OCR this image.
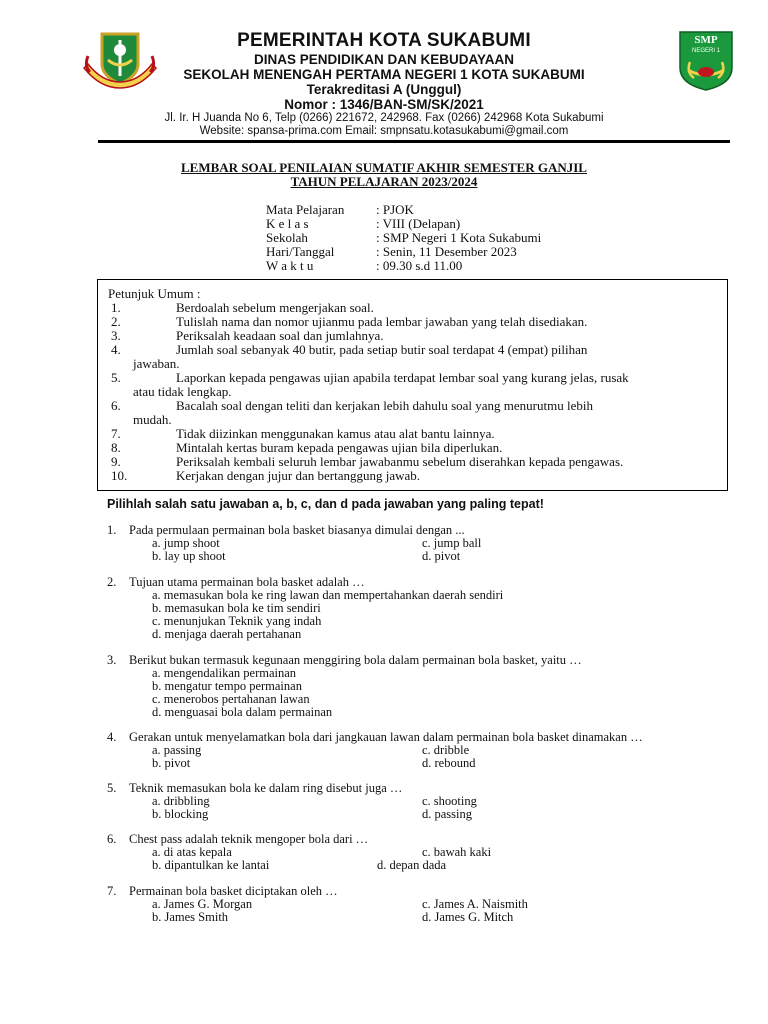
SMP
NEGERI 1
PEMERINTAH KOTA SUKABUMI
DINAS PENDIDIKAN DAN KEBUDAYAAN
SEKOLAH MENENGAH PERTAMA NEGERI 1 KOTA SUKABUMI
Terakreditasi A (Unggul)
Nomor : 1346/BAN-SM/SK/2021
Jl. Ir. H Juanda No 6, Telp (0266) 221672, 242968. Fax (0266) 242968 Kota Sukabumi
Website: spansa-prima.com Email: smpnsatu.kotasukabumi@gmail.com
LEMBAR SOAL PENILAIAN SUMATIF AKHIR SEMESTER GANJIL
TAHUN PELAJARAN 2023/2024
Mata Pelajaran	: PJOK
K e l a s	: VIII (Delapan)
Sekolah	: SMP Negeri 1 Kota Sukabumi
Hari/Tanggal	: Senin, 11 Desember 2023
W a k t u	: 09.30 s.d 11.00
Petunjuk Umum :
1.	Berdoalah sebelum mengerjakan soal.
2.	Tulislah nama dan nomor ujianmu pada lembar jawaban yang telah disediakan.
3.	Periksalah keadaan soal dan jumlahnya.
4.	Jumlah soal sebanyak 40 butir, pada setiap butir soal terdapat 4 (empat) pilihan
jawaban.
5.	Laporkan kepada pengawas ujian apabila terdapat lembar soal yang kurang jelas, rusak
atau tidak lengkap.
6.	Bacalah soal dengan teliti dan kerjakan lebih dahulu soal yang menurutmu lebih
mudah.
7.	Tidak diizinkan menggunakan kamus atau alat bantu lainnya.
8.	Mintalah kertas buram kepada pengawas ujian bila diperlukan.
9.	Periksalah kembali seluruh lembar jawabanmu sebelum diserahkan kepada pengawas.
10.	Kerjakan dengan jujur dan bertanggung jawab.
Pilihlah salah satu jawaban a, b, c, dan d pada jawaban yang paling tepat!
1. Pada permulaan permainan bola basket biasanya dimulai dengan ...
a. jump shoot
b. lay up shoot
c. jump ball
d. pivot
2. Tujuan utama permainan bola basket adalah …
a. memasukan bola ke ring lawan dan mempertahankan daerah sendiri
b. memasukan bola ke tim sendiri
c. menunjukan Teknik yang indah
d. menjaga daerah pertahanan
3. Berikut bukan termasuk kegunaan menggiring bola dalam permainan bola basket, yaitu …
a. mengendalikan permainan
b. mengatur tempo permainan
c. menerobos pertahanan lawan
d. menguasai bola dalam permainan
4. Gerakan untuk menyelamatkan bola dari jangkauan lawan dalam permainan bola basket dinamakan …
a. passing
b. pivot
c. dribble
d. rebound
5. Teknik memasukan bola ke dalam ring disebut juga …
a. dribbling
b. blocking
c. shooting
d. passing
6. Chest pass adalah teknik mengoper bola dari …
a. di atas kepala
b. dipantulkan ke lantai
c. bawah kaki
d. depan dada
7. Permainan bola basket diciptakan oleh …
a. James G. Morgan
b. James Smith
c. James A. Naismith
d. James G. Mitch
